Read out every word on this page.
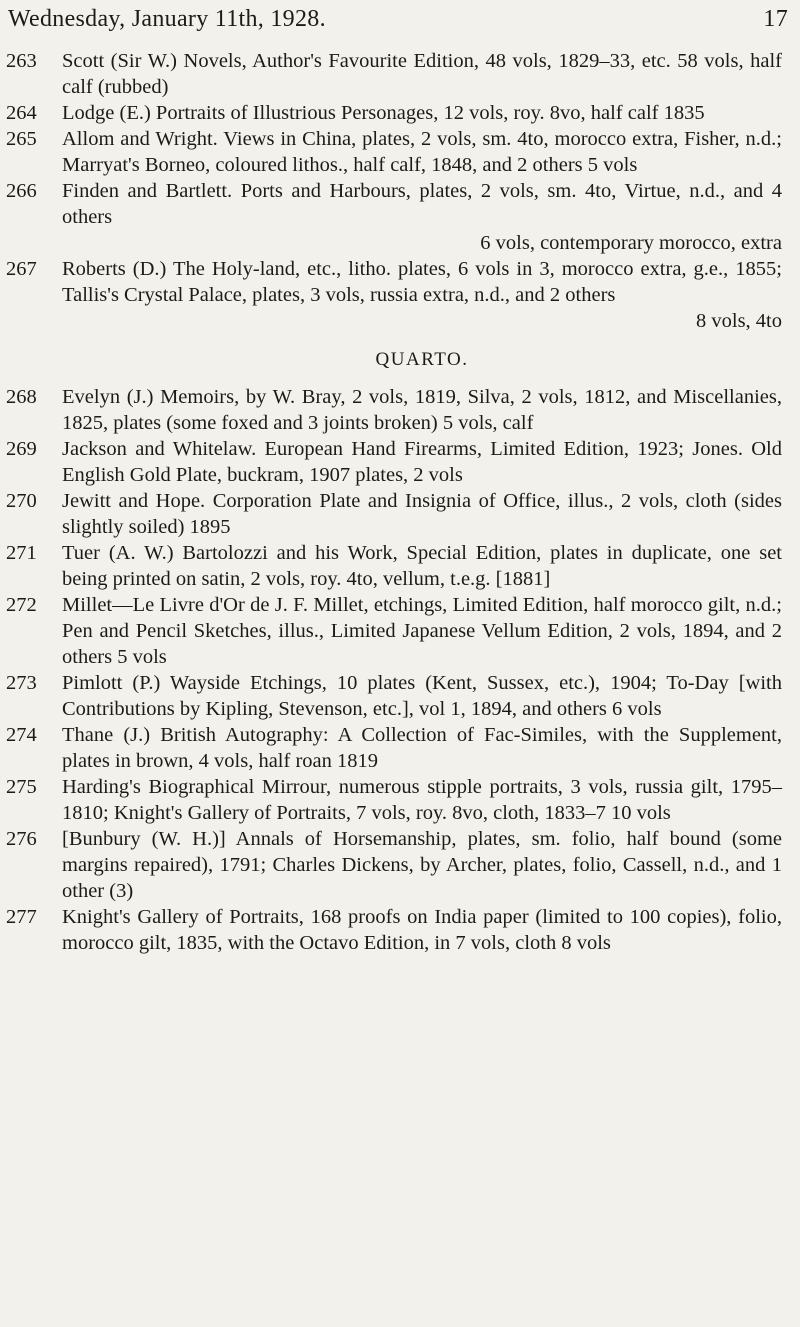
Wednesday, January 11th, 1928.	17
263	Scott (Sir W.) Novels, Author's Favourite Edition, 48 vols, 1829–33, etc. 58 vols, half calf (rubbed)
264	Lodge (E.) Portraits of Illustrious Personages, 12 vols, roy. 8vo, half calf 1835
265	Allom and Wright. Views in China, plates, 2 vols, sm. 4to, morocco extra, Fisher, n.d.; Marryat's Borneo, coloured lithos., half calf, 1848, and 2 others 5 vols
266	Finden and Bartlett. Ports and Harbours, plates, 2 vols, sm. 4to, Virtue, n.d., and 4 others
6 vols, contemporary morocco, extra
267	Roberts (D.) The Holy-land, etc., litho. plates, 6 vols in 3, morocco extra, g.e., 1855; Tallis's Crystal Palace, plates, 3 vols, russia extra, n.d., and 2 others
8 vols, 4to
QUARTO.
268	Evelyn (J.) Memoirs, by W. Bray, 2 vols, 1819, Silva, 2 vols, 1812, and Miscellanies, 1825, plates (some foxed and 3 joints broken) 5 vols, calf
269	Jackson and Whitelaw. European Hand Firearms, Limited Edition, 1923; Jones. Old English Gold Plate, buckram, 1907 plates, 2 vols
270	Jewitt and Hope. Corporation Plate and Insignia of Office, illus., 2 vols, cloth (sides slightly soiled) 1895
271	Tuer (A. W.) Bartolozzi and his Work, Special Edition, plates in duplicate, one set being printed on satin, 2 vols, roy. 4to, vellum, t.e.g. [1881]
272	Millet—Le Livre d'Or de J. F. Millet, etchings, Limited Edition, half morocco gilt, n.d.; Pen and Pencil Sketches, illus., Limited Japanese Vellum Edition, 2 vols, 1894, and 2 others 5 vols
273	Pimlott (P.) Wayside Etchings, 10 plates (Kent, Sussex, etc.), 1904; To-Day [with Contributions by Kipling, Stevenson, etc.], vol 1, 1894, and others 6 vols
274	Thane (J.) British Autography: A Collection of Fac-Similes, with the Supplement, plates in brown, 4 vols, half roan 1819
275	Harding's Biographical Mirrour, numerous stipple portraits, 3 vols, russia gilt, 1795–1810; Knight's Gallery of Portraits, 7 vols, roy. 8vo, cloth, 1833–7 10 vols
276	[Bunbury (W. H.)] Annals of Horsemanship, plates, sm. folio, half bound (some margins repaired), 1791; Charles Dickens, by Archer, plates, folio, Cassell, n.d., and 1 other (3)
277	Knight's Gallery of Portraits, 168 proofs on India paper (limited to 100 copies), folio, morocco gilt, 1835, with the Octavo Edition, in 7 vols, cloth 8 vols
